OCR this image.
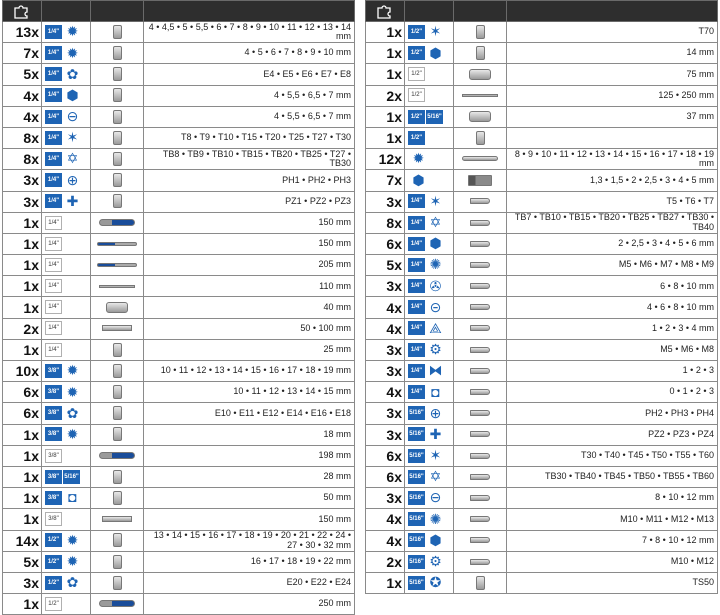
13x	1/4" ✹		4 • 4,5 • 5 • 5,5 • 6 • 7 • 8 • 9 • 10 • 11 • 12 • 13 • 14 mm
7x	1/4" ✹		4 • 5 • 6 • 7 • 8 • 9 • 10 mm
5x	1/4" ✿		E4 • E5 • E6 • E7 • E8
4x	1/4" ⬢		4 • 5,5 • 6,5 • 7 mm
4x	1/4" ⊖		4 • 5,5 • 6,5 • 7 mm
8x	1/4" ✶		T8 • T9 • T10 • T15 • T20 • T25 • T27 • T30
8x	1/4" ✡		TB8 • TB9 • TB10 • TB15 • TB20 • TB25 • T27 • TB30
3x	1/4" ⊕		PH1 • PH2 • PH3
3x	1/4" ✚		PZ1 • PZ2 • PZ3
1x	1/4"		150 mm
1x	1/4"		150 mm
1x	1/4"		205 mm
1x	1/4"		110 mm
1x	1/4"		40 mm
2x	1/4"		50 • 100 mm
1x	1/4"		25 mm
10x	3/8" ✹		10 • 11 • 12 • 13 • 14 • 15 • 16 • 17 • 18 • 19 mm
6x	3/8" ✹		10 • 11 • 12 • 13 • 14 • 15 mm
6x	3/8" ✿		E10 • E11 • E12 • E14 • E16 • E18
1x	3/8" ✹		18 mm
1x	3/8"		198 mm
1x	3/8" 5/16"		28 mm
1x	3/8" ◘		50 mm
1x	3/8"		150 mm
14x	1/2" ✹		13 • 14 • 15 • 16 • 17 • 18 • 19 • 20 • 21 • 22 • 24 • 27 • 30 • 32 mm
5x	1/2" ✹		16 • 17 • 18 • 19 • 22 mm
3x	1/2" ✿		E20 • E22 • E24
1x	1/2"		250 mm

1x	1/2" ✶		T70
1x	1/2" ⬢		14 mm
1x	1/2"		75 mm
2x	1/2"		125 • 250 mm
1x	1/2" 5/16"		37 mm
1x	1/2"		
12x	✹		8 • 9 • 10 • 11 • 12 • 13 • 14 • 15 • 16 • 17 • 18 • 19 mm
7x	⬢		1,3 • 1,5 • 2 • 2,5 • 3 • 4 • 5 mm
3x	1/4" ✶		T5 • T6 • T7
8x	1/4" ✡		TB7 • TB10 • TB15 • TB20 • TB25 • TB27 • TB30 • TB40
6x	1/4" ⬢		2 • 2,5 • 3 • 4 • 5 • 6 mm
5x	1/4" ✺		M5 • M6 • M7 • M8 • M9
3x	1/4" ✇		6 • 8 • 10 mm
4x	1/4" ⊝		4 • 6 • 8 • 10 mm
4x	1/4" ⟁		1 • 2 • 3 • 4 mm
3x	1/4" ⚙		M5 • M6 • M8
3x	1/4" ⧓		1 • 2 • 3
4x	1/4" ◘		0 • 1 • 2 • 3
3x	5/16" ⊕		PH2 • PH3 • PH4
3x	5/16" ✚		PZ2 • PZ3 • PZ4
6x	5/16" ✶		T30 • T40 • T45 • T50 • T55 • T60
6x	5/16" ✡		TB30 • TB40 • TB45 • TB50 • TB55 • TB60
3x	5/16" ⊖		8 • 10 • 12 mm
4x	5/16" ✺		M10 • M11 • M12 • M13
4x	5/16" ⬢		7 • 8 • 10 • 12 mm
2x	5/16" ⚙		M10 • M12
1x	5/16" ✪		TS50
